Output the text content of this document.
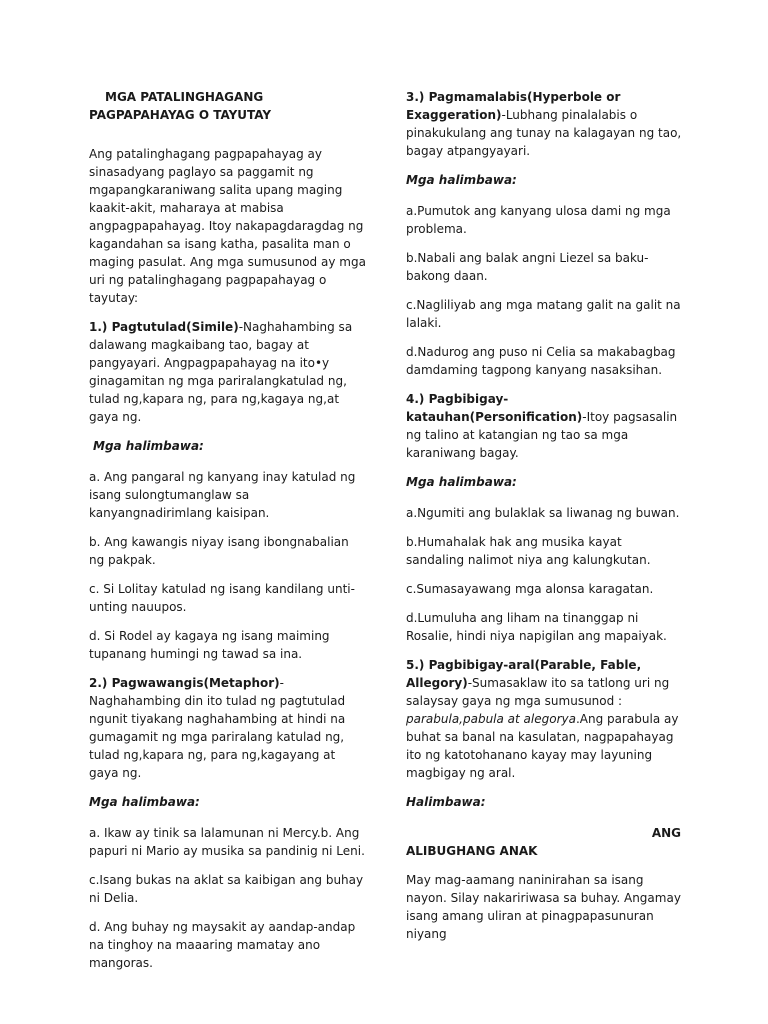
MGA PATALINGHAGANG
PAGPAPAHAYAG O TAYUTAY

Ang patalinghagang pagpapahayag ay sinasadyang paglayo sa paggamit ng mgapangkaraniwang salita upang maging kaakit-akit, maharaya at mabisa angpagpapahayag. Itoy nakapagdaragdag ng kagandahan sa isang katha, pasalita man o maging pasulat. Ang mga sumusunod ay mga uri ng patalinghagang pagpapahayag o tayutay:

1.) Pagtutulad(Simile)-Naghahambing sa dalawang magkaibang tao, bagay at pangyayari. Angpagpapahayag na ito•y ginagamitan ng mga pariralangkatulad ng, tulad ng,kapara ng, para ng,kagaya ng,at gaya ng.

Mga halimbawa:

a. Ang pangaral ng kanyang inay katulad ng isang sulongtumanglaw sa kanyangnadirimlang kaisipan.

b. Ang kawangis niyay isang ibongnabalian ng pakpak.

c. Si Lolitay katulad ng isang kandilang unti-unting nauupos.

d. Si Rodel ay kagaya ng isang maiming tupanang humingi ng tawad sa ina.

2.) Pagwawangis(Metaphor)-Naghahambing din ito tulad ng pagtutulad ngunit tiyakang naghahambing at hindi na gumagamit ng mga pariralang katulad ng, tulad ng,kapara ng, para ng,kagayang at gaya ng.

Mga halimbawa:

a. Ikaw ay tinik sa lalamunan ni Mercy.b. Ang papuri ni Mario ay musika sa pandinig ni Leni.

c.Isang bukas na aklat sa kaibigan ang buhay ni Delia.

d. Ang buhay ng maysakit ay aandap-andap na tinghoy na maaaring mamatay ano mangoras.

3.) Pagmamalabis(Hyperbole or Exaggeration)-Lubhang pinalalabis o pinakukulang ang tunay na kalagayan ng tao, bagay atpangyayari.

Mga halimbawa:

a.Pumutok ang kanyang ulosa dami ng mga problema.

b.Nabali ang balak angni Liezel sa baku-bakong daan.

c.Nagliliyab ang mga matang galit na galit na lalaki.

d.Nadurog ang puso ni Celia sa makabagbag damdaming tagpong kanyang nasaksihan.

4.) Pagbibigay-katauhan(Personification)-Itoy pagsasalin ng talino at katangian ng tao sa mga karaniwang bagay.

Mga halimbawa:

a.Ngumiti ang bulaklak sa liwanag ng buwan.

b.Humahalak hak ang musika kayat sandaling nalimot niya ang kalungkutan.

c.Sumasayawang mga alonsa karagatan.

d.Lumuluha ang liham na tinanggap ni Rosalie, hindi niya napigilan ang mapaiyak.

5.) Pagbibigay-aral(Parable, Fable, Allegory)-Sumasaklaw ito sa tatlong uri ng salaysay gaya ng mga sumusunod : parabula,pabula at alegorya.Ang parabula ay buhat sa banal na kasulatan, nagpapahayag ito ng katotohanano kayay may layuning magbigay ng aral.

Halimbawa:

ANG
ALIBUGHANG ANAK

May mag-aamang naninirahan sa isang nayon. Silay nakaririwasa sa buhay. Angamay isang amang uliran at pinagpapasunuran niyang
